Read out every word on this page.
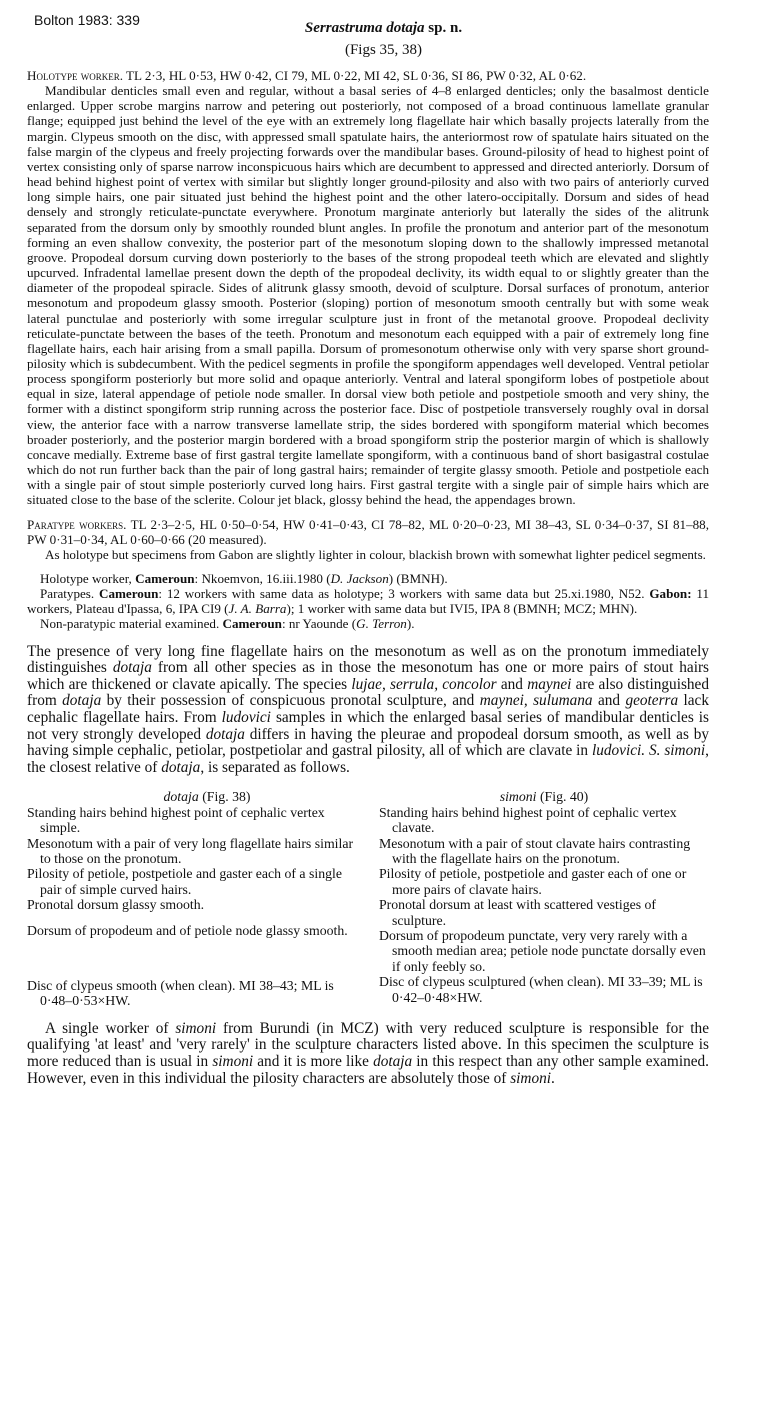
Bolton 1983: 339	Serrastruma dotaja sp. n.
(Figs 35, 38)

Holotype worker. TL 2·3, HL 0·53, HW 0·42, CI 79, ML 0·22, MI 42, SL 0·36, SI 86, PW 0·32, AL 0·62.

Mandibular denticles small even and regular, without a basal series of 4–8 enlarged denticles; only the basalmost denticle enlarged. Upper scrobe margins narrow and petering out posteriorly, not composed of a broad continuous lamellate granular flange; equipped just behind the level of the eye with an extremely long flagellate hair which basally projects laterally from the margin. Clypeus smooth on the disc, with appressed small spatulate hairs, the anteriormost row of spatulate hairs situated on the false margin of the clypeus and freely projecting forwards over the mandibular bases. Ground-pilosity of head to highest point of vertex consisting only of sparse narrow inconspicuous hairs which are decumbent to appressed and directed anteriorly. Dorsum of head behind highest point of vertex with similar but slightly longer ground-pilosity and also with two pairs of anteriorly curved long simple hairs, one pair situated just behind the highest point and the other latero-occipitally. Dorsum and sides of head densely and strongly reticulate-punctate everywhere. Pronotum marginate anteriorly but laterally the sides of the alitrunk separated from the dorsum only by smoothly rounded blunt angles. In profile the pronotum and anterior part of the mesonotum forming an even shallow convexity, the posterior part of the mesonotum sloping down to the shallowly impressed metanotal groove. Propodeal dorsum curving down posteriorly to the bases of the strong propodeal teeth which are elevated and slightly upcurved. Infradental lamellae present down the depth of the propodeal declivity, its width equal to or slightly greater than the diameter of the propodeal spiracle. Sides of alitrunk glassy smooth, devoid of sculpture. Dorsal surfaces of pronotum, anterior mesonotum and propodeum glassy smooth. Posterior (sloping) portion of mesonotum smooth centrally but with some weak lateral punctulae and posteriorly with some irregular sculpture just in front of the metanotal groove. Propodeal declivity reticulate-punctate between the bases of the teeth. Pronotum and mesonotum each equipped with a pair of extremely long fine flagellate hairs, each hair arising from a small papilla. Dorsum of promesonotum otherwise only with very sparse short ground-pilosity which is subdecumbent. With the pedicel segments in profile the spongiform appendages well developed. Ventral petiolar process spongiform posteriorly but more solid and opaque anteriorly. Ventral and lateral spongiform lobes of postpetiole about equal in size, lateral appendage of petiole node smaller. In dorsal view both petiole and postpetiole smooth and very shiny, the former with a distinct spongiform strip running across the posterior face. Disc of postpetiole transversely roughly oval in dorsal view, the anterior face with a narrow transverse lamellate strip, the sides bordered with spongiform material which becomes broader posteriorly, and the posterior margin bordered with a broad spongiform strip the posterior margin of which is shallowly concave medially. Extreme base of first gastral tergite lamellate spongiform, with a continuous band of short basigastral costulae which do not run further back than the pair of long gastral hairs; remainder of tergite glassy smooth. Petiole and postpetiole each with a single pair of stout simple posteriorly curved long hairs. First gastral tergite with a single pair of simple hairs which are situated close to the base of the sclerite. Colour jet black, glossy behind the head, the appendages brown.

Paratype workers. TL 2·3–2·5, HL 0·50–0·54, HW 0·41–0·43, CI 78–82, ML 0·20–0·23, MI 38–43, SL 0·34–0·37, SI 81–88, PW 0·31–0·34, AL 0·60–0·66 (20 measured).

As holotype but specimens from Gabon are slightly lighter in colour, blackish brown with somewhat lighter pedicel segments.

Holotype worker, Cameroun: Nkoemvon, 16.iii.1980 (D. Jackson) (BMNH).

Paratypes. Cameroun: 12 workers with same data as holotype; 3 workers with same data but 25.xi.1980, N52. Gabon: 11 workers, Plateau d'Ipassa, 6, IPA CI9 (J. A. Barra); 1 worker with same data but IVI5, IPA 8 (BMNH; MCZ; MHN).

Non-paratypic material examined. Cameroun: nr Yaounde (G. Terron).

The presence of very long fine flagellate hairs on the mesonotum as well as on the pronotum immediately distinguishes dotaja from all other species as in those the mesonotum has one or more pairs of stout hairs which are thickened or clavate apically. The species lujae, serrula, concolor and maynei are also distinguished from dotaja by their possession of conspicuous pronotal sculpture, and maynei, sulumana and geoterra lack cephalic flagellate hairs. From ludovici samples in which the enlarged basal series of mandibular denticles is not very strongly developed dotaja differs in having the pleurae and propodeal dorsum smooth, as well as by having simple cephalic, petiolar, postpetiolar and gastral pilosity, all of which are clavate in ludovici. S. simoni, the closest relative of dotaja, is separated as follows.

dotaja (Fig. 38)
Standing hairs behind highest point of cephalic vertex simple.
Mesonotum with a pair of very long flagellate hairs similar to those on the pronotum.
Pilosity of petiole, postpetiole and gaster each of a single pair of simple curved hairs.
Pronotal dorsum glassy smooth.
Dorsum of propodeum and of petiole node glassy smooth.
Disc of clypeus smooth (when clean). MI 38–43; ML is 0·48–0·53×HW.
simoni (Fig. 40)
Standing hairs behind highest point of cephalic vertex clavate.
Mesonotum with a pair of stout clavate hairs contrasting with the flagellate hairs on the pronotum.
Pilosity of petiole, postpetiole and gaster each of one or more pairs of clavate hairs.
Pronotal dorsum at least with scattered vestiges of sculpture.
Dorsum of propodeum punctate, very very rarely with a smooth median area; petiole node punctate dorsally even if only feebly so.
Disc of clypeus sculptured (when clean). MI 33–39; ML is 0·42–0·48×HW.

A single worker of simoni from Burundi (in MCZ) with very reduced sculpture is responsible for the qualifying 'at least' and 'very rarely' in the sculpture characters listed above. In this specimen the sculpture is more reduced than is usual in simoni and it is more like dotaja in this respect than any other sample examined. However, even in this individual the pilosity characters are absolutely those of simoni.
